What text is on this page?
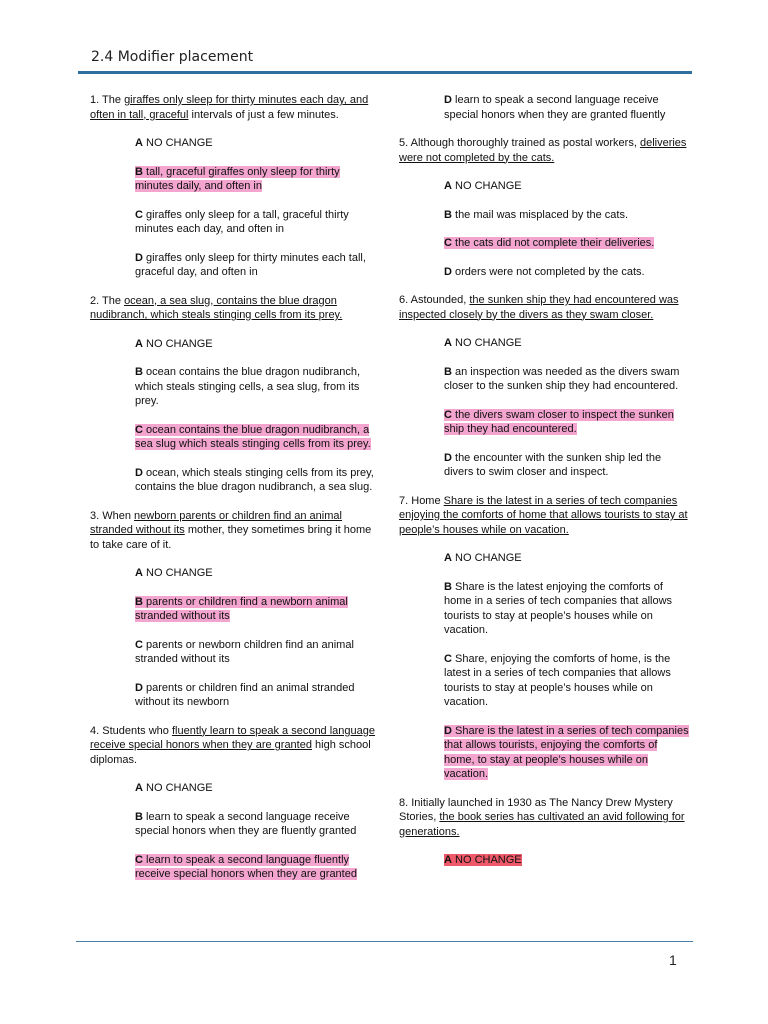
2.4 Modifier placement

1. The giraffes only sleep for thirty minutes each day, and often in tall, graceful intervals of just a few minutes.

A NO CHANGE
B tall, graceful giraffes only sleep for thirty minutes daily, and often in
C giraffes only sleep for a tall, graceful thirty minutes each day, and often in
D giraffes only sleep for thirty minutes each tall, graceful day, and often in

2. The ocean, a sea slug, contains the blue dragon nudibranch, which steals stinging cells from its prey.

A NO CHANGE
B ocean contains the blue dragon nudibranch, which steals stinging cells, a sea slug, from its prey.
C ocean contains the blue dragon nudibranch, a sea slug which steals stinging cells from its prey.
D ocean, which steals stinging cells from its prey, contains the blue dragon nudibranch, a sea slug.

3. When newborn parents or children find an animal stranded without its mother, they sometimes bring it home to take care of it.

A NO CHANGE
B parents or children find a newborn animal stranded without its
C parents or newborn children find an animal stranded without its
D parents or children find an animal stranded without its newborn

4. Students who fluently learn to speak a second language receive special honors when they are granted high school diplomas.

A NO CHANGE
B learn to speak a second language receive special honors when they are fluently granted
C learn to speak a second language fluently receive special honors when they are granted
D learn to speak a second language receive special honors when they are granted fluently

5. Although thoroughly trained as postal workers, deliveries were not completed by the cats.

A NO CHANGE
B the mail was misplaced by the cats.
C the cats did not complete their deliveries.
D orders were not completed by the cats.

6. Astounded, the sunken ship they had encountered was inspected closely by the divers as they swam closer.

A NO CHANGE
B an inspection was needed as the divers swam closer to the sunken ship they had encountered.
C the divers swam closer to inspect the sunken ship they had encountered.
D the encounter with the sunken ship led the divers to swim closer and inspect.

7. Home Share is the latest in a series of tech companies enjoying the comforts of home that allows tourists to stay at people’s houses while on vacation.

A NO CHANGE
B Share is the latest enjoying the comforts of home in a series of tech companies that allows tourists to stay at people’s houses while on vacation.
C Share, enjoying the comforts of home, is the latest in a series of tech companies that allows tourists to stay at people’s houses while on vacation.
D Share is the latest in a series of tech companies that allows tourists, enjoying the comforts of home, to stay at people’s houses while on vacation.

8. Initially launched in 1930 as The Nancy Drew Mystery Stories, the book series has cultivated an avid following for generations.

A NO CHANGE
1
